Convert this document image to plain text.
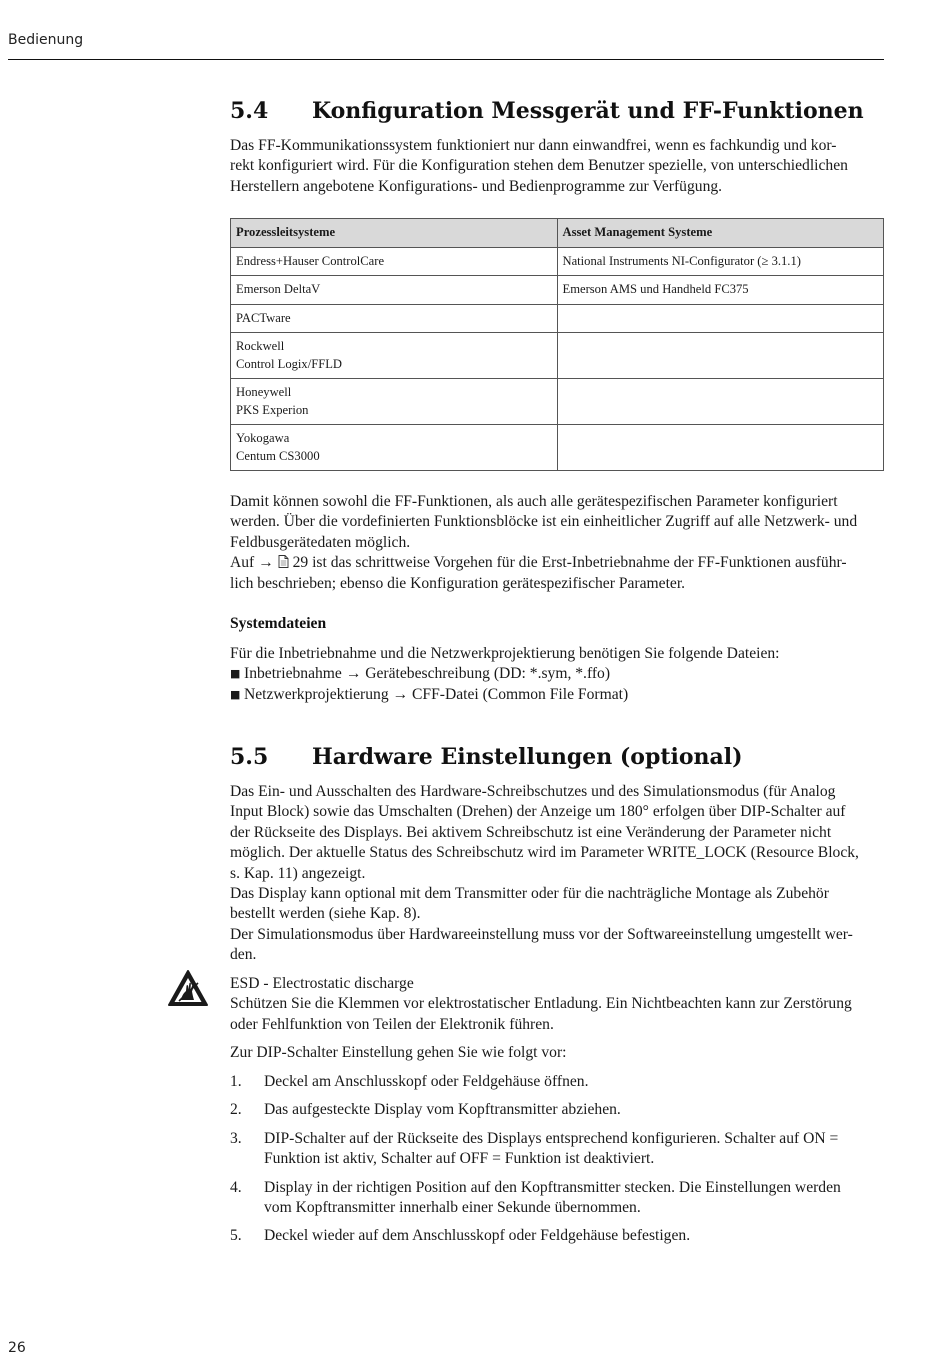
Bedienung
5.4 Konfiguration Messgerät und FF-Funktionen

Das FF-Kommunikationssystem funktioniert nur dann einwandfrei, wenn es fachkundig und kor-

rekt konfiguriert wird. Für die Konfiguration stehen dem Benutzer spezielle, von unterschiedlichen

Herstellern angebotene Konfigurations- und Bedienprogramme zur Verfügung.

Prozessleitsysteme	Asset Management Systeme
Endress+Hauser ControlCare	National Instruments NI-Configurator (≥ 3.1.1)
Emerson DeltaV	Emerson AMS und Handheld FC375
PACTware	

Rockwell
Control Logix/FFLD	

Honeywell
PKS Experion	

Yokogawa
Centum CS3000	

Damit können sowohl die FF-Funktionen, als auch alle gerätespezifischen Parameter konfiguriert

werden. Über die vordefinierten Funktionsblöcke ist ein einheitlicher Zugriff auf alle Netzwerk- und

Feldbusgerätedaten möglich.

Auf → 29 ist das schrittweise Vorgehen für die Erst-Inbetriebnahme der FF-Funktionen ausführ-

lich beschrieben; ebenso die Konfiguration gerätespezifischer Parameter.

Systemdateien

Für die Inbetriebnahme und die Netzwerkprojektierung benötigen Sie folgende Dateien:

■ Inbetriebnahme → Gerätebeschreibung (DD: *.sym, *.ffo)

■ Netzwerkprojektierung → CFF-Datei (Common File Format)

5.5 Hardware Einstellungen (optional)

Das Ein- und Ausschalten des Hardware-Schreibschutzes und des Simulationsmodus (für Analog

Input Block) sowie das Umschalten (Drehen) der Anzeige um 180° erfolgen über DIP-Schalter auf

der Rückseite des Displays. Bei aktivem Schreibschutz ist eine Veränderung der Parameter nicht

möglich. Der aktuelle Status des Schreibschutz wird im Parameter WRITE_LOCK (Resource Block,

s. Kap. 11) angezeigt.

Das Display kann optional mit dem Transmitter oder für die nachträgliche Montage als Zubehör

bestellt werden (siehe Kap. 8).

Der Simulationsmodus über Hardwareeinstellung muss vor der Softwareeinstellung umgestellt wer-

den.

ESD - Electrostatic discharge

Schützen Sie die Klemmen vor elektrostatischer Entladung. Ein Nichtbeachten kann zur Zerstörung

oder Fehlfunktion von Teilen der Elektronik führen.

Zur DIP-Schalter Einstellung gehen Sie wie folgt vor:

1.	Deckel am Anschlusskopf oder Feldgehäuse öffnen.
2.	Das aufgesteckte Display vom Kopftransmitter abziehen.
3.	DIP-Schalter auf der Rückseite des Displays entsprechend konfigurieren. Schalter auf ON =
Funktion ist aktiv, Schalter auf OFF = Funktion ist deaktiviert.
4.	Display in der richtigen Position auf den Kopftransmitter stecken. Die Einstellungen werden
vom Kopftransmitter innerhalb einer Sekunde übernommen.
5.	Deckel wieder auf dem Anschlusskopf oder Feldgehäuse befestigen.
26
